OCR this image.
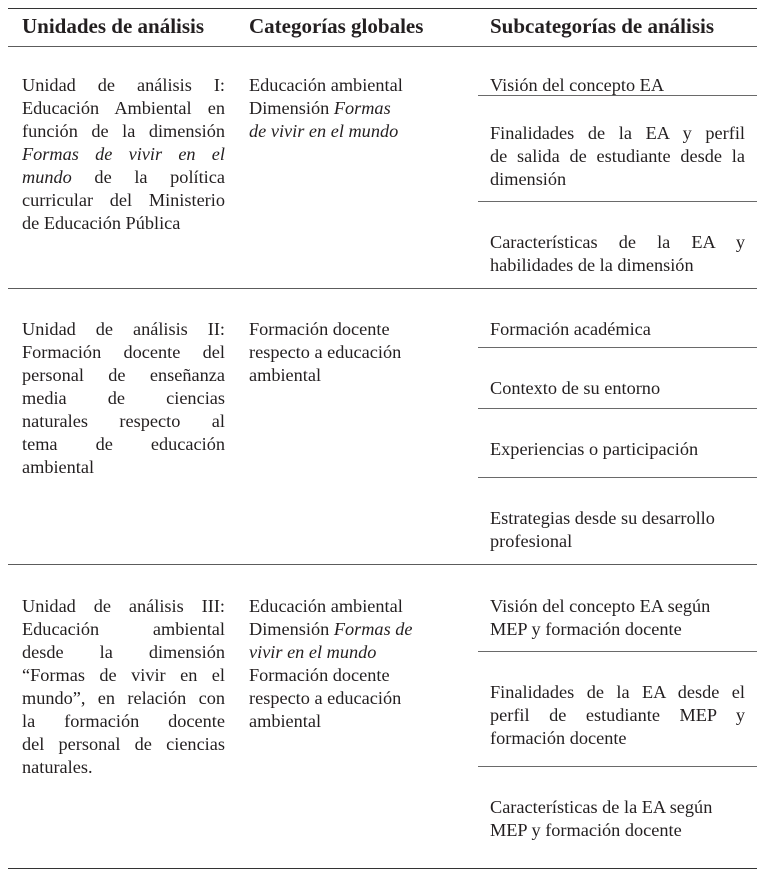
Unidades de análisis Categorías globales	Subcategorías de análisis
Unidad de análisis I:
Educación Ambiental en
función de la dimensión
Formas de vivir en el
mundo de la política
curricular del Ministerio
de Educación Pública
Educación ambiental
Dimensión Formas
de vivir en el mundo
Visión del concepto EA
Finalidades de la EA y perfil
de salida de estudiante desde la
dimensión
Características de la EA y
habilidades de la dimensión
Unidad de análisis II:
Formación docente del
personal de enseñanza
media de ciencias
naturales respecto al
tema de educación
ambiental
Formación docente
respecto a educación
ambiental
Formación académica
Contexto de su entorno
Experiencias o participación
Estrategias desde su desarrollo
profesional
Unidad de análisis III:
Educación ambiental
desde la dimensión
“Formas de vivir en el
mundo”, en relación con
la formación docente
del personal de ciencias
naturales.
Educación ambiental
Dimensión Formas de
vivir en el mundo
Formación docente
respecto a educación
ambiental
Visión del concepto EA según
MEP y formación docente
Finalidades de la EA desde el
perfil de estudiante MEP y
formación docente
Características de la EA según
MEP y formación docente
